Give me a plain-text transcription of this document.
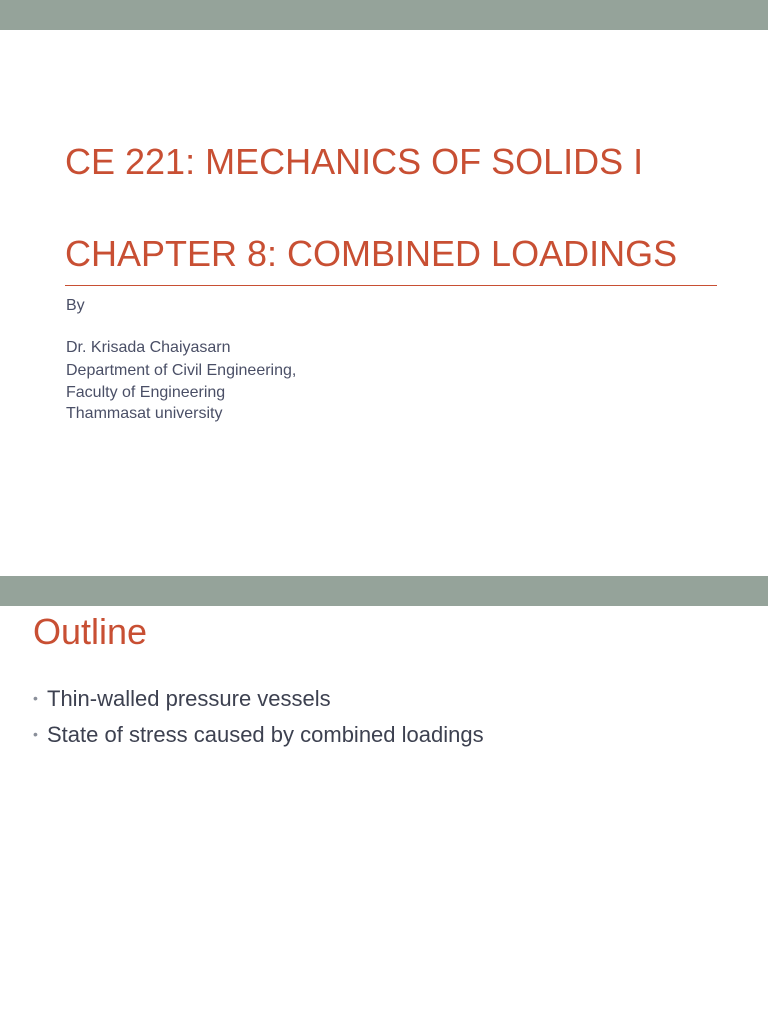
CE 221: MECHANICS OF SOLIDS I
CHAPTER 8: COMBINED LOADINGS
By
Dr. Krisada Chaiyasarn
Department of Civil Engineering,
Faculty of Engineering
Thammasat university
Outline
• Thin-walled pressure vessels
• State of stress caused by combined loadings
